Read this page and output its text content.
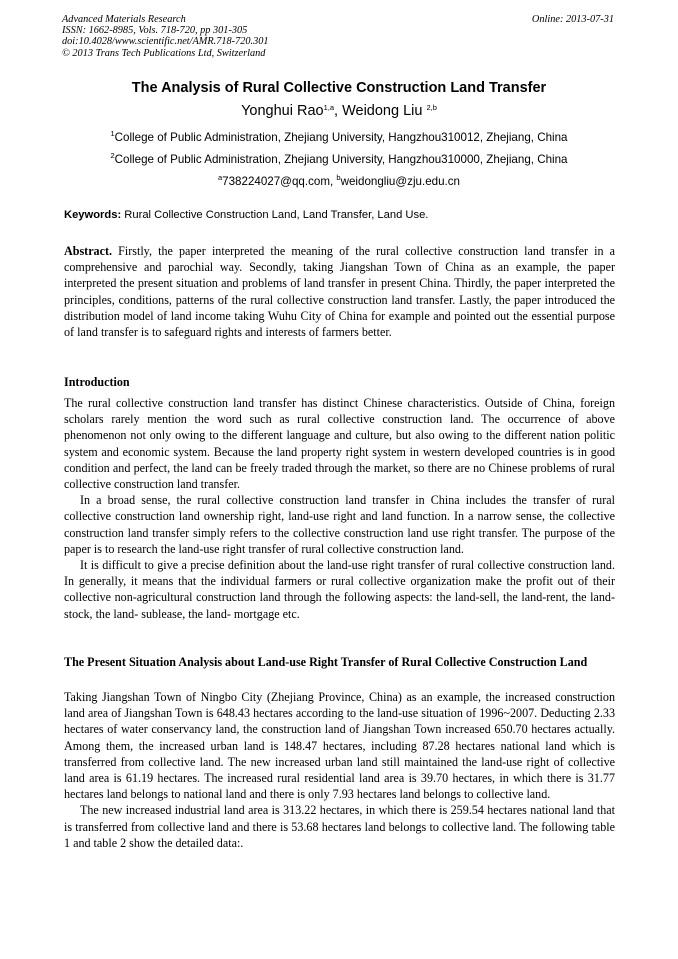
Advanced Materials Research
ISSN: 1662-8985, Vols. 718-720, pp 301-305
doi:10.4028/www.scientific.net/AMR.718-720.301
© 2013 Trans Tech Publications Ltd, Switzerland
Online: 2013-07-31
The Analysis of Rural Collective Construction Land Transfer
Yonghui Rao$^{1,a}$, Weidong Liu $^{2,b}$
$^1$College of Public Administration, Zhejiang University, Hangzhou310012, Zhejiang, China
$^2$College of Public Administration, Zhejiang University, Hangzhou310000, Zhejiang, China
$^a$738224027@qq.com, $^b$weidongliu@zju.edu.cn
Keywords: Rural Collective Construction Land, Land Transfer, Land Use.
Abstract. Firstly, the paper interpreted the meaning of the rural collective construction land transfer in a comprehensive and parochial way. Secondly, taking Jiangshan Town of China as an example, the paper interpreted the present situation and problems of land transfer in present China. Thirdly, the paper interpreted the principles, conditions, patterns of the rural collective construction land transfer. Lastly, the paper introduced the distribution model of land income taking Wuhu City of China for example and pointed out the essential purpose of land transfer is to safeguard rights and interests of farmers better.
Introduction

The rural collective construction land transfer has distinct Chinese characteristics. Outside of China, foreign scholars rarely mention the word such as rural collective construction land. The occurrence of above phenomenon not only owing to the different language and culture, but also owing to the different nation politic system and economic system. Because the land property right system in western developed countries is in good condition and perfect, the land can be freely traded through the market, so there are no Chinese problems of rural collective construction land transfer.

In a broad sense, the rural collective construction land transfer in China includes the transfer of rural collective construction land ownership right, land-use right and land function. In a narrow sense, the collective construction land transfer simply refers to the collective construction land use right transfer. The purpose of the paper is to research the land-use right transfer of rural collective construction land.

It is difficult to give a precise definition about the land-use right transfer of rural collective construction land. In generally, it means that the individual farmers or rural collective organization make the profit out of their collective non-agricultural construction land through the following aspects: the land-sell, the land-rent, the land- stock, the land- sublease, the land- mortgage etc.

The Present Situation Analysis about Land-use Right Transfer of Rural Collective Construction Land

Taking Jiangshan Town of Ningbo City (Zhejiang Province, China) as an example, the increased construction land area of Jiangshan Town is 648.43 hectares according to the land-use situation of 1996~2007. Deducting 2.33 hectares of water conservancy land, the construction land of Jiangshan Town increased 650.70 hectares actually. Among them, the increased urban land is 148.47 hectares, including 87.28 hectares national land which is transferred from collective land. The new increased urban land still maintained the land-use right of collective land area is 61.19 hectares. The increased rural residential land area is 39.70 hectares, in which there is 31.77 hectares land belongs to national land and there is only 7.93 hectares land belongs to collective land.

The new increased industrial land area is 313.22 hectares, in which there is 259.54 hectares national land that is transferred from collective land and there is 53.68 hectares land belongs to collective land. The following table 1 and table 2 show the detailed data:.
